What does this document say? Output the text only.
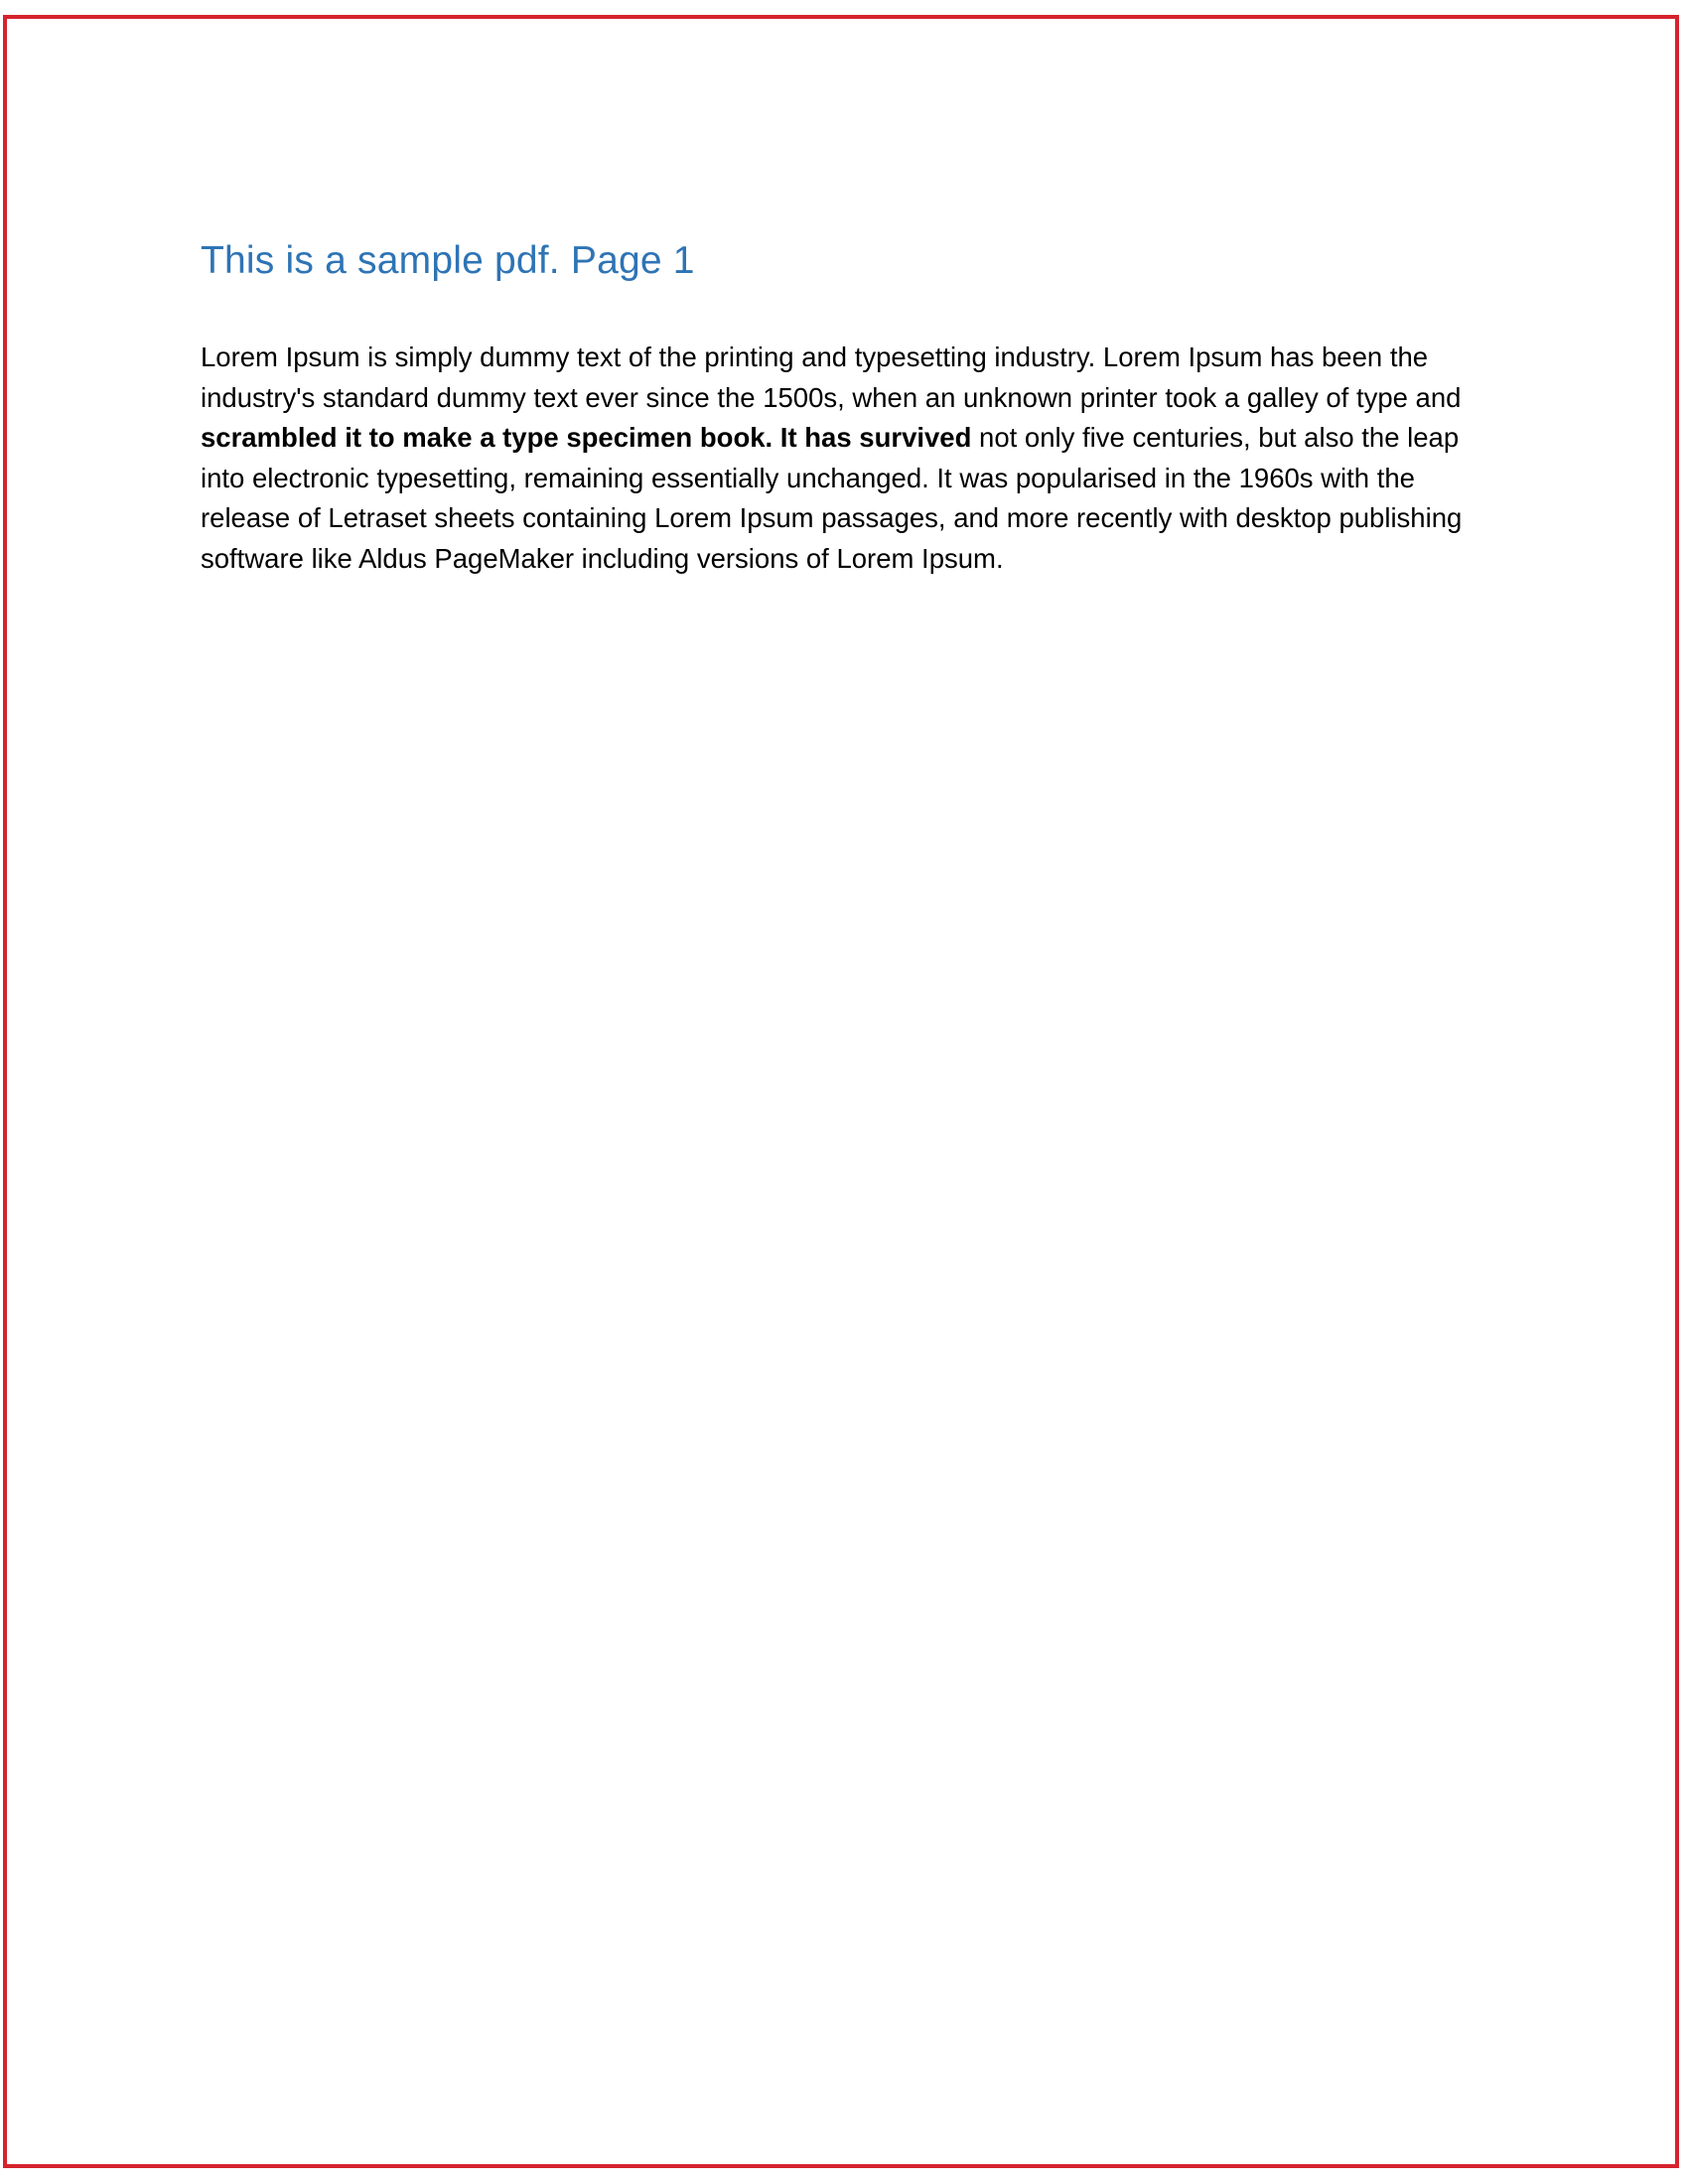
This is a sample pdf. Page 1

Lorem Ipsum is simply dummy text of the printing and typesetting industry. Lorem Ipsum has been the industry's standard dummy text ever since the 1500s, when an unknown printer took a galley of type and scrambled it to make a type specimen book. It has survived not only five centuries, but also the leap into electronic typesetting, remaining essentially unchanged. It was popularised in the 1960s with the release of Letraset sheets containing Lorem Ipsum passages, and more recently with desktop publishing software like Aldus PageMaker including versions of Lorem Ipsum.
